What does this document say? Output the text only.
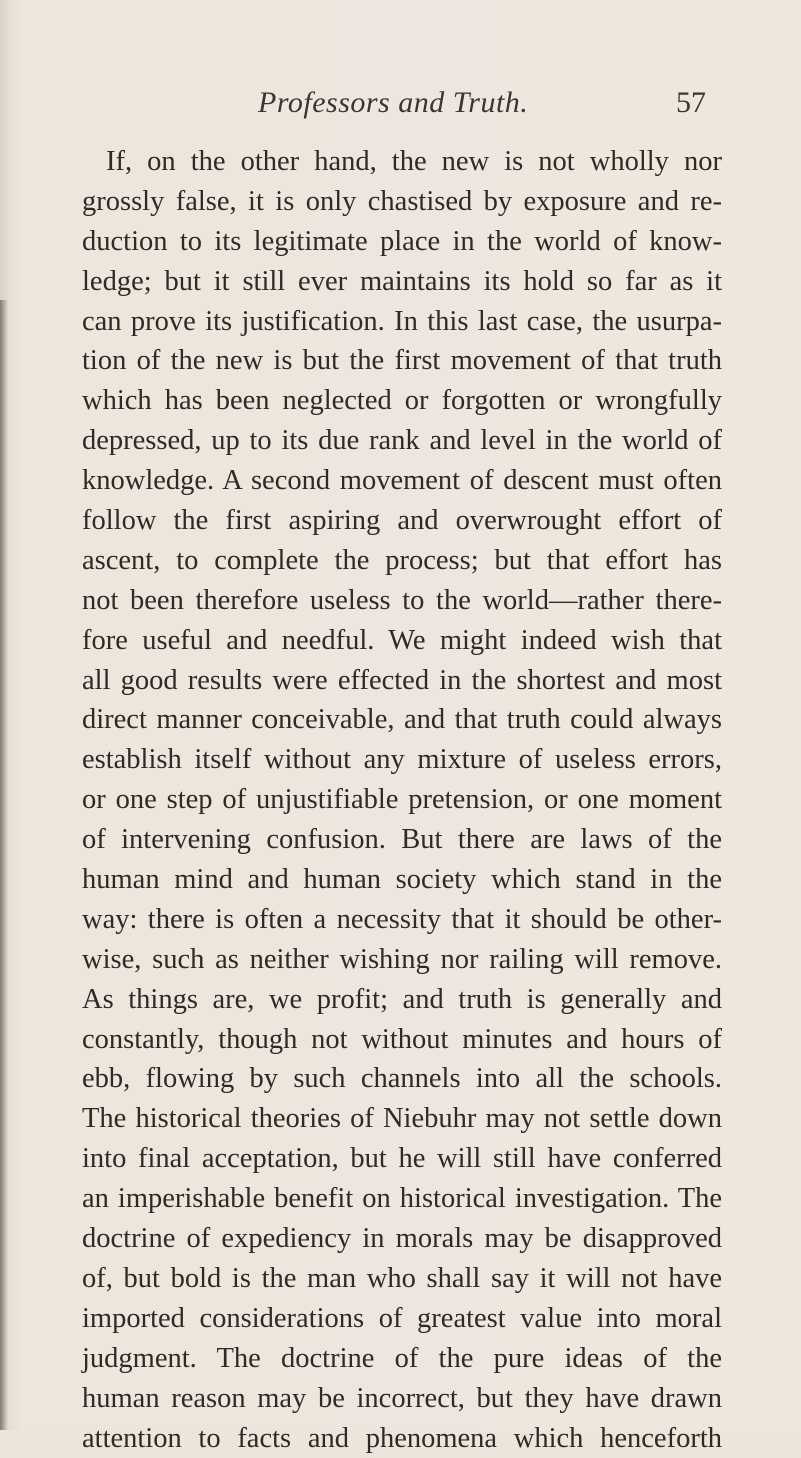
Professors and Truth.	57
If, on the other hand, the new is not wholly nor
grossly false, it is only chastised by exposure and re-
duction to its legitimate place in the world of know-
ledge; but it still ever maintains its hold so far as it
can prove its justification. In this last case, the usurpa-
tion of the new is but the first movement of that truth
which has been neglected or forgotten or wrongfully
depressed, up to its due rank and level in the world of
knowledge. A second movement of descent must often
follow the first aspiring and overwrought effort of
ascent, to complete the process; but that effort has
not been therefore useless to the world—rather there-
fore useful and needful. We might indeed wish that
all good results were effected in the shortest and most
direct manner conceivable, and that truth could always
establish itself without any mixture of useless errors,
or one step of unjustifiable pretension, or one moment
of intervening confusion. But there are laws of the
human mind and human society which stand in the
way: there is often a necessity that it should be other-
wise, such as neither wishing nor railing will remove.
As things are, we profit; and truth is generally and
constantly, though not without minutes and hours of
ebb, flowing by such channels into all the schools.
The historical theories of Niebuhr may not settle down
into final acceptation, but he will still have conferred
an imperishable benefit on historical investigation. The
doctrine of expediency in morals may be disapproved
of, but bold is the man who shall say it will not have
imported considerations of greatest value into moral
judgment. The doctrine of the pure ideas of the
human reason may be incorrect, but they have drawn
attention to facts and phenomena which henceforth
